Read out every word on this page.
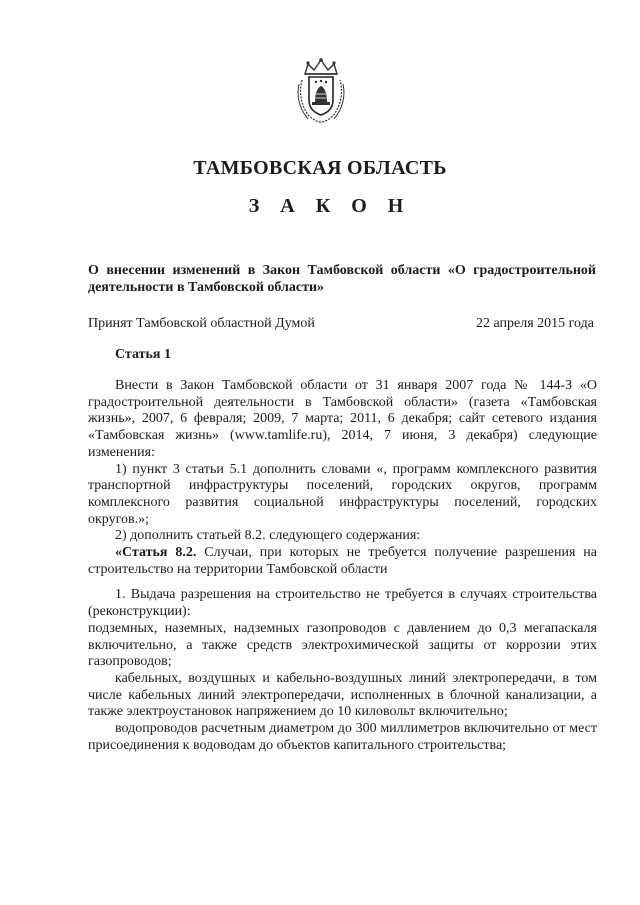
ТАМБОВСКАЯ ОБЛАСТЬ
З А К О Н
О внесении изменений в Закон Тамбовской области «О градостроительной деятельности в Тамбовской области»
Принят Тамбовской областной Думой	22 апреля 2015 года
Статья 1

Внести в Закон Тамбовской области от 31 января 2007 года № 144-З «О градостроительной деятельности в Тамбовской области» (газета «Тамбовская жизнь», 2007, 6 февраля; 2009, 7 марта; 2011, 6 декабря; сайт сетевого издания «Тамбовская жизнь» (www.tamlife.ru), 2014, 7 июня, 3 декабря) следующие изменения:

1) пункт 3 статьи 5.1 дополнить словами «, программ комплексного развития транспортной инфраструктуры поселений, городских округов, программ комплексного развития социальной инфраструктуры поселений, городских округов.»;

2) дополнить статьей 8.2. следующего содержания:

«Статья 8.2. Случаи, при которых не требуется получение разрешения на строительство на территории Тамбовской области

1. Выдача разрешения на строительство не требуется в случаях строительства (реконструкции):

подземных, наземных, надземных газопроводов с давлением до 0,3 мегапаскаля включительно, а также средств электрохимической защиты от коррозии этих газопроводов;

кабельных, воздушных и кабельно-воздушных линий электропередачи, в том числе кабельных линий электропередачи, исполненных в блочной канализации, а также электроустановок напряжением до 10 киловольт включительно;

водопроводов расчетным диаметром до 300 миллиметров включительно от мест присоединения к водоводам до объектов капитального строительства;
